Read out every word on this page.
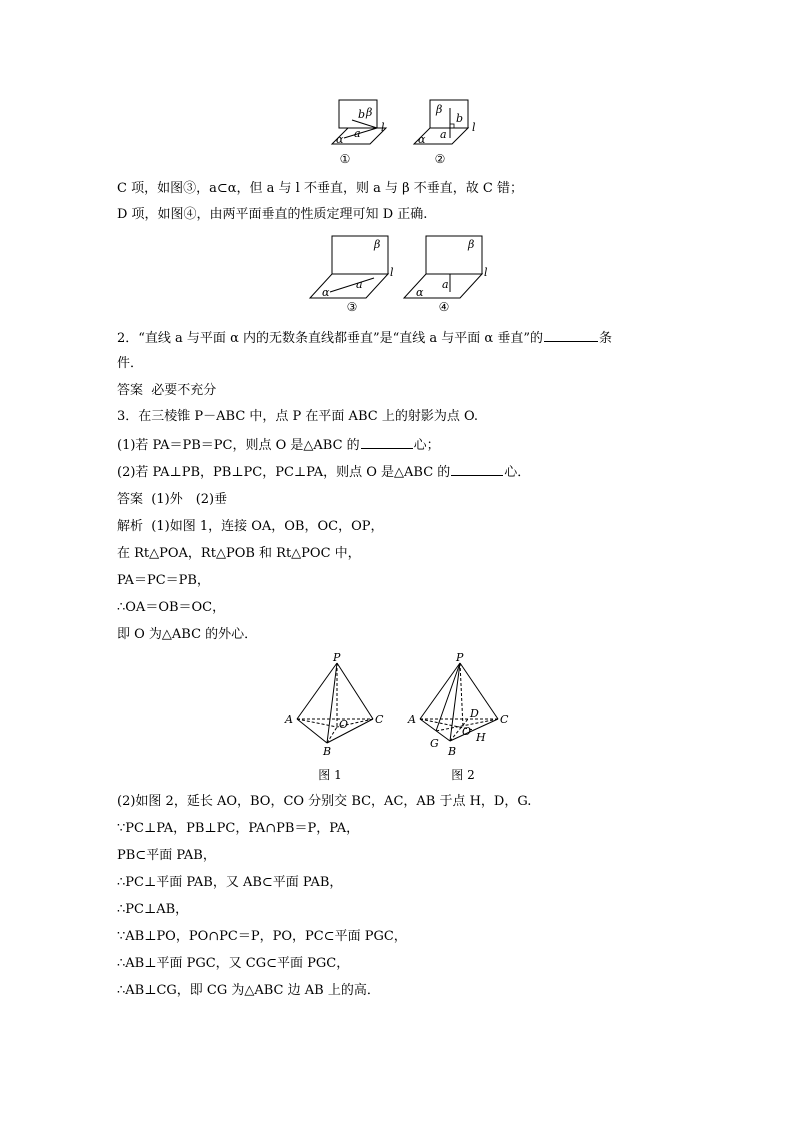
b β
a
α
l
①
β
b
a
α
l
②
C 项，如图③，a⊂α，但 a 与 l 不垂直，则 a 与 β 不垂直，故 C 错；
D 项，如图④，由两平面垂直的性质定理可知 D 正确.
β
a
α
l
③
β
a
α
l
④
2．“直线 a 与平面 α 内的无数条直线都垂直”是“直线 a 与平面 α 垂直”的	条
件．
答案 必要不充分
3．在三棱锥 P－ABC 中，点 P 在平面 ABC 上的射影为点 O.
(1)若 PA＝PB＝PC，则点 O 是△ABC 的	心；
(2)若 PA⊥PB，PB⊥PC，PC⊥PA，则点 O 是△ABC 的	心．
答案 (1)外　(2)垂
解析 (1)如图 1，连接 OA，OB，OC，OP，
在 Rt△POA，Rt△POB 和 Rt△POC 中，
PA＝PC＝PB，
∴OA＝OB＝OC，
即 O 为△ABC 的外心．
P
A	C
B
O
图 1
P
A	C
D
O H
G
B
图 2
(2)如图 2，延长 AO，BO，CO 分别交 BC，AC，AB 于点 H，D，G.
∵PC⊥PA，PB⊥PC，PA∩PB＝P，PA，
PB⊂平面 PAB，
∴PC⊥平面 PAB，又 AB⊂平面 PAB，
∴PC⊥AB，
∵AB⊥PO，PO∩PC＝P，PO，PC⊂平面 PGC，
∴AB⊥平面 PGC，又 CG⊂平面 PGC，
∴AB⊥CG，即 CG 为△ABC 边 AB 上的高．
